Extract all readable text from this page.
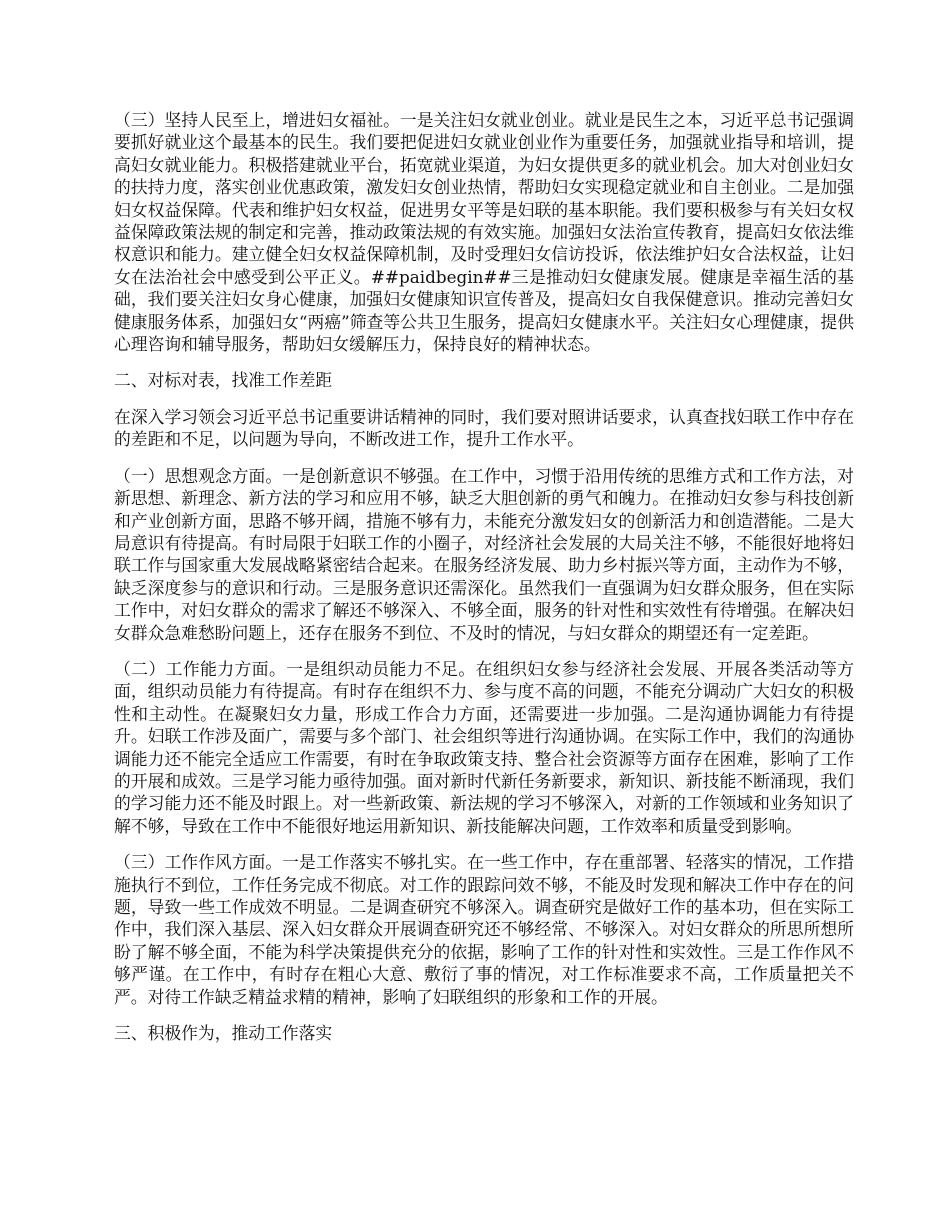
（三）坚持人民至上，增进妇女福祉。一是关注妇女就业创业。就业是民生之本，习近平总书记强调要抓好就业这个最基本的民生。我们要把促进妇女就业创业作为重要任务，加强就业指导和培训，提高妇女就业能力。积极搭建就业平台，拓宽就业渠道，为妇女提供更多的就业机会。加大对创业妇女的扶持力度，落实创业优惠政策，激发妇女创业热情，帮助妇女实现稳定就业和自主创业。二是加强妇女权益保障。代表和维护妇女权益，促进男女平等是妇联的基本职能。我们要积极参与有关妇女权益保障政策法规的制定和完善，推动政策法规的有效实施。加强妇女法治宣传教育，提高妇女依法维权意识和能力。建立健全妇女权益保障机制，及时受理妇女信访投诉，依法维护妇女合法权益，让妇女在法治社会中感受到公平正义。##paidbegin##三是推动妇女健康发展。健康是幸福生活的基础，我们要关注妇女身心健康，加强妇女健康知识宣传普及，提高妇女自我保健意识。推动完善妇女健康服务体系，加强妇女“两癌”筛查等公共卫生服务，提高妇女健康水平。关注妇女心理健康，提供心理咨询和辅导服务，帮助妇女缓解压力，保持良好的精神状态。

二、对标对表，找准工作差距

在深入学习领会习近平总书记重要讲话精神的同时，我们要对照讲话要求，认真查找妇联工作中存在的差距和不足，以问题为导向，不断改进工作，提升工作水平。

（一）思想观念方面。一是创新意识不够强。在工作中，习惯于沿用传统的思维方式和工作方法，对新思想、新理念、新方法的学习和应用不够，缺乏大胆创新的勇气和魄力。在推动妇女参与科技创新和产业创新方面，思路不够开阔，措施不够有力，未能充分激发妇女的创新活力和创造潜能。二是大局意识有待提高。有时局限于妇联工作的小圈子，对经济社会发展的大局关注不够，不能很好地将妇联工作与国家重大发展战略紧密结合起来。在服务经济发展、助力乡村振兴等方面，主动作为不够，缺乏深度参与的意识和行动。三是服务意识还需深化。虽然我们一直强调为妇女群众服务，但在实际工作中，对妇女群众的需求了解还不够深入、不够全面，服务的针对性和实效性有待增强。在解决妇女群众急难愁盼问题上，还存在服务不到位、不及时的情况，与妇女群众的期望还有一定差距。

（二）工作能力方面。一是组织动员能力不足。在组织妇女参与经济社会发展、开展各类活动等方面，组织动员能力有待提高。有时存在组织不力、参与度不高的问题，不能充分调动广大妇女的积极性和主动性。在凝聚妇女力量，形成工作合力方面，还需要进一步加强。二是沟通协调能力有待提升。妇联工作涉及面广，需要与多个部门、社会组织等进行沟通协调。在实际工作中，我们的沟通协调能力还不能完全适应工作需要，有时在争取政策支持、整合社会资源等方面存在困难，影响了工作的开展和成效。三是学习能力亟待加强。面对新时代新任务新要求，新知识、新技能不断涌现，我们的学习能力还不能及时跟上。对一些新政策、新法规的学习不够深入，对新的工作领域和业务知识了解不够，导致在工作中不能很好地运用新知识、新技能解决问题，工作效率和质量受到影响。

（三）工作作风方面。一是工作落实不够扎实。在一些工作中，存在重部署、轻落实的情况，工作措施执行不到位，工作任务完成不彻底。对工作的跟踪问效不够，不能及时发现和解决工作中存在的问题，导致一些工作成效不明显。二是调查研究不够深入。调查研究是做好工作的基本功，但在实际工作中，我们深入基层、深入妇女群众开展调查研究还不够经常、不够深入。对妇女群众的所思所想所盼了解不够全面，不能为科学决策提供充分的依据，影响了工作的针对性和实效性。三是工作作风不够严谨。在工作中，有时存在粗心大意、敷衍了事的情况，对工作标准要求不高，工作质量把关不严。对待工作缺乏精益求精的精神，影响了妇联组织的形象和工作的开展。

三、积极作为，推动工作落实
